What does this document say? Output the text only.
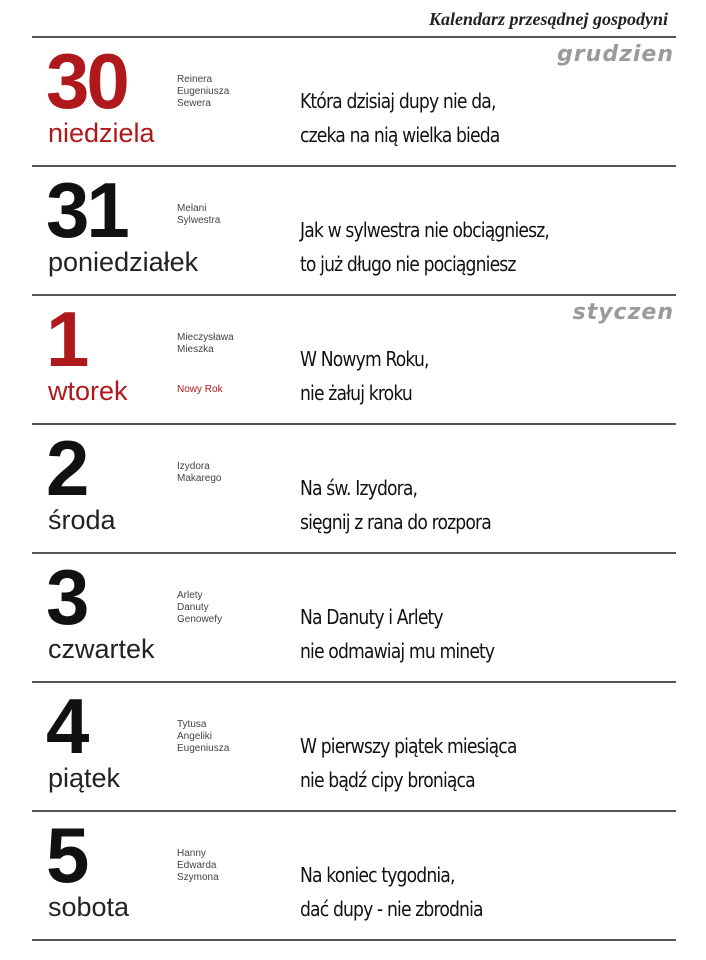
Kalendarz przesądnej gospodyni
30
niedziela
Reinera
Eugeniusza
Sewera	Która dzisiaj dupy nie da,
czeka na nią wielka bieda
grudzien
31
poniedziałek
Melani
Sylwestra	Jak w sylwestra nie obciągniesz,
to już długo nie pociągniesz
1
wtorek
Mieczysława
Mieszka
Nowy Rok
W Nowym Roku,
nie żałuj kroku
styczen
2
środa
Izydora
Makarego	Na św. Izydora,
sięgnij z rana do rozpora
3
czwartek
Arlety
Danuty
Genowefy	Na Danuty i Arlety
nie odmawiaj mu minety
4
piątek
Tytusa
Angeliki
Eugeniusza	W pierwszy piątek miesiąca
nie bądź cipy broniąca
5
sobota
Hanny
Edwarda
Szymona	Na koniec tygodnia,
dać dupy - nie zbrodnia
